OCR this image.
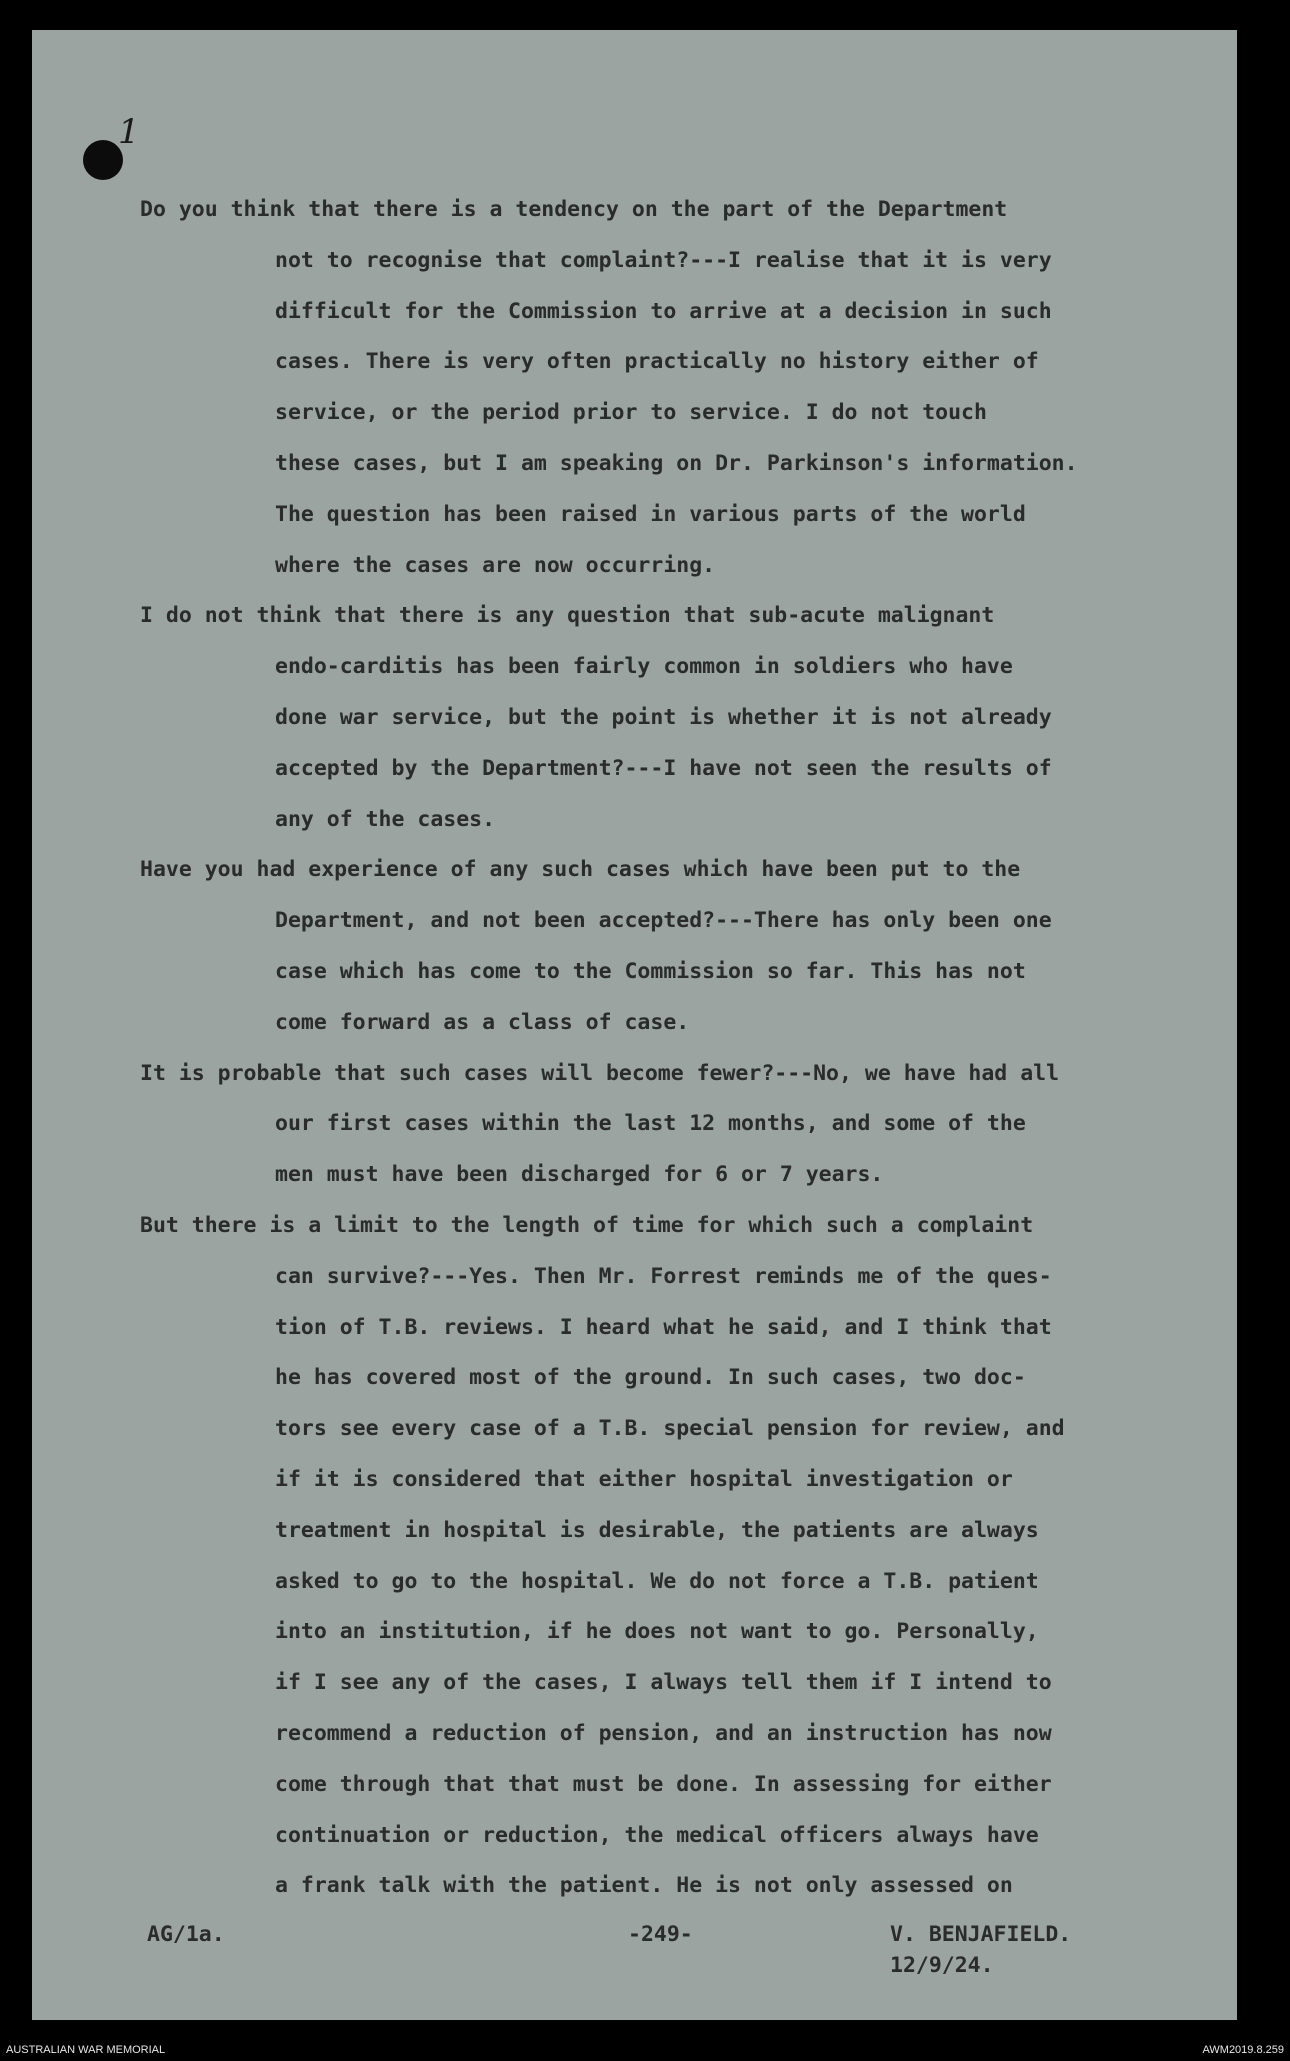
1
Do you think that there is a tendency on the part of the Department
not to recognise that complaint?---I realise that it is very
difficult for the Commission to arrive at a decision in such
cases. There is very often practically no history either of
service, or the period prior to service. I do not touch
these cases, but I am speaking on Dr. Parkinson's information.
The question has been raised in various parts of the world
where the cases are now occurring.
I do not think that there is any question that sub-acute malignant
endo-carditis has been fairly common in soldiers who have
done war service, but the point is whether it is not already
accepted by the Department?---I have not seen the results of
any of the cases.
Have you had experience of any such cases which have been put to the
Department, and not been accepted?---There has only been one
case which has come to the Commission so far. This has not
come forward as a class of case.
It is probable that such cases will become fewer?---No, we have had all
our first cases within the last 12 months, and some of the
men must have been discharged for 6 or 7 years.
But there is a limit to the length of time for which such a complaint
can survive?---Yes. Then Mr. Forrest reminds me of the ques-
tion of T.B. reviews. I heard what he said, and I think that
he has covered most of the ground. In such cases, two doc-
tors see every case of a T.B. special pension for review, and
if it is considered that either hospital investigation or
treatment in hospital is desirable, the patients are always
asked to go to the hospital. We do not force a T.B. patient
into an institution, if he does not want to go. Personally,
if I see any of the cases, I always tell them if I intend to
recommend a reduction of pension, and an instruction has now
come through that that must be done. In assessing for either
continuation or reduction, the medical officers always have
a frank talk with the patient. He is not only assessed on
AG/1a.	-249-	V. BENJAFIELD.
12/9/24.
AUSTRALIAN WAR MEMORIAL	AWM2019.8.259
